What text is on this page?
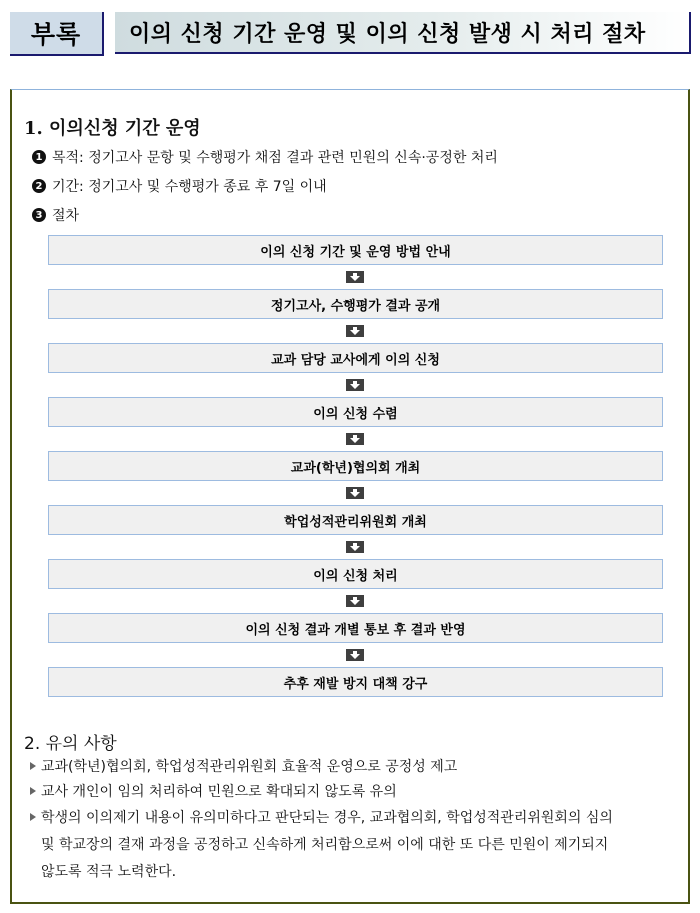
부록	이의 신청 기간 운영 및 이의 신청 발생 시 처리 절차
1. 이의신청 기간 운영
1 목적: 정기고사 문항 및 수행평가 채점 결과 관련 민원의 신속·공정한 처리
2 기간: 정기고사 및 수행평가 종료 후 7일 이내
3 절차
이의 신청 기간 및 운영 방법 안내
정기고사, 수행평가 결과 공개
교과 담당 교사에게 이의 신청
이의 신청 수렴
교과(학년)협의회 개최
학업성적관리위원회 개최
이의 신청 처리
이의 신청 결과 개별 통보 후 결과 반영
추후 재발 방지 대책 강구
2. 유의 사항
교과(학년)협의회, 학업성적관리위원회 효율적 운영으로 공정성 제고
교사 개인이 임의 처리하여 민원으로 확대되지 않도록 유의
학생의 이의제기 내용이 유의미하다고 판단되는 경우, 교과협의회, 학업성적관리위원회의 심의
및 학교장의 결재 과정을 공정하고 신속하게 처리함으로써 이에 대한 또 다른 민원이 제기되지
않도록 적극 노력한다.
